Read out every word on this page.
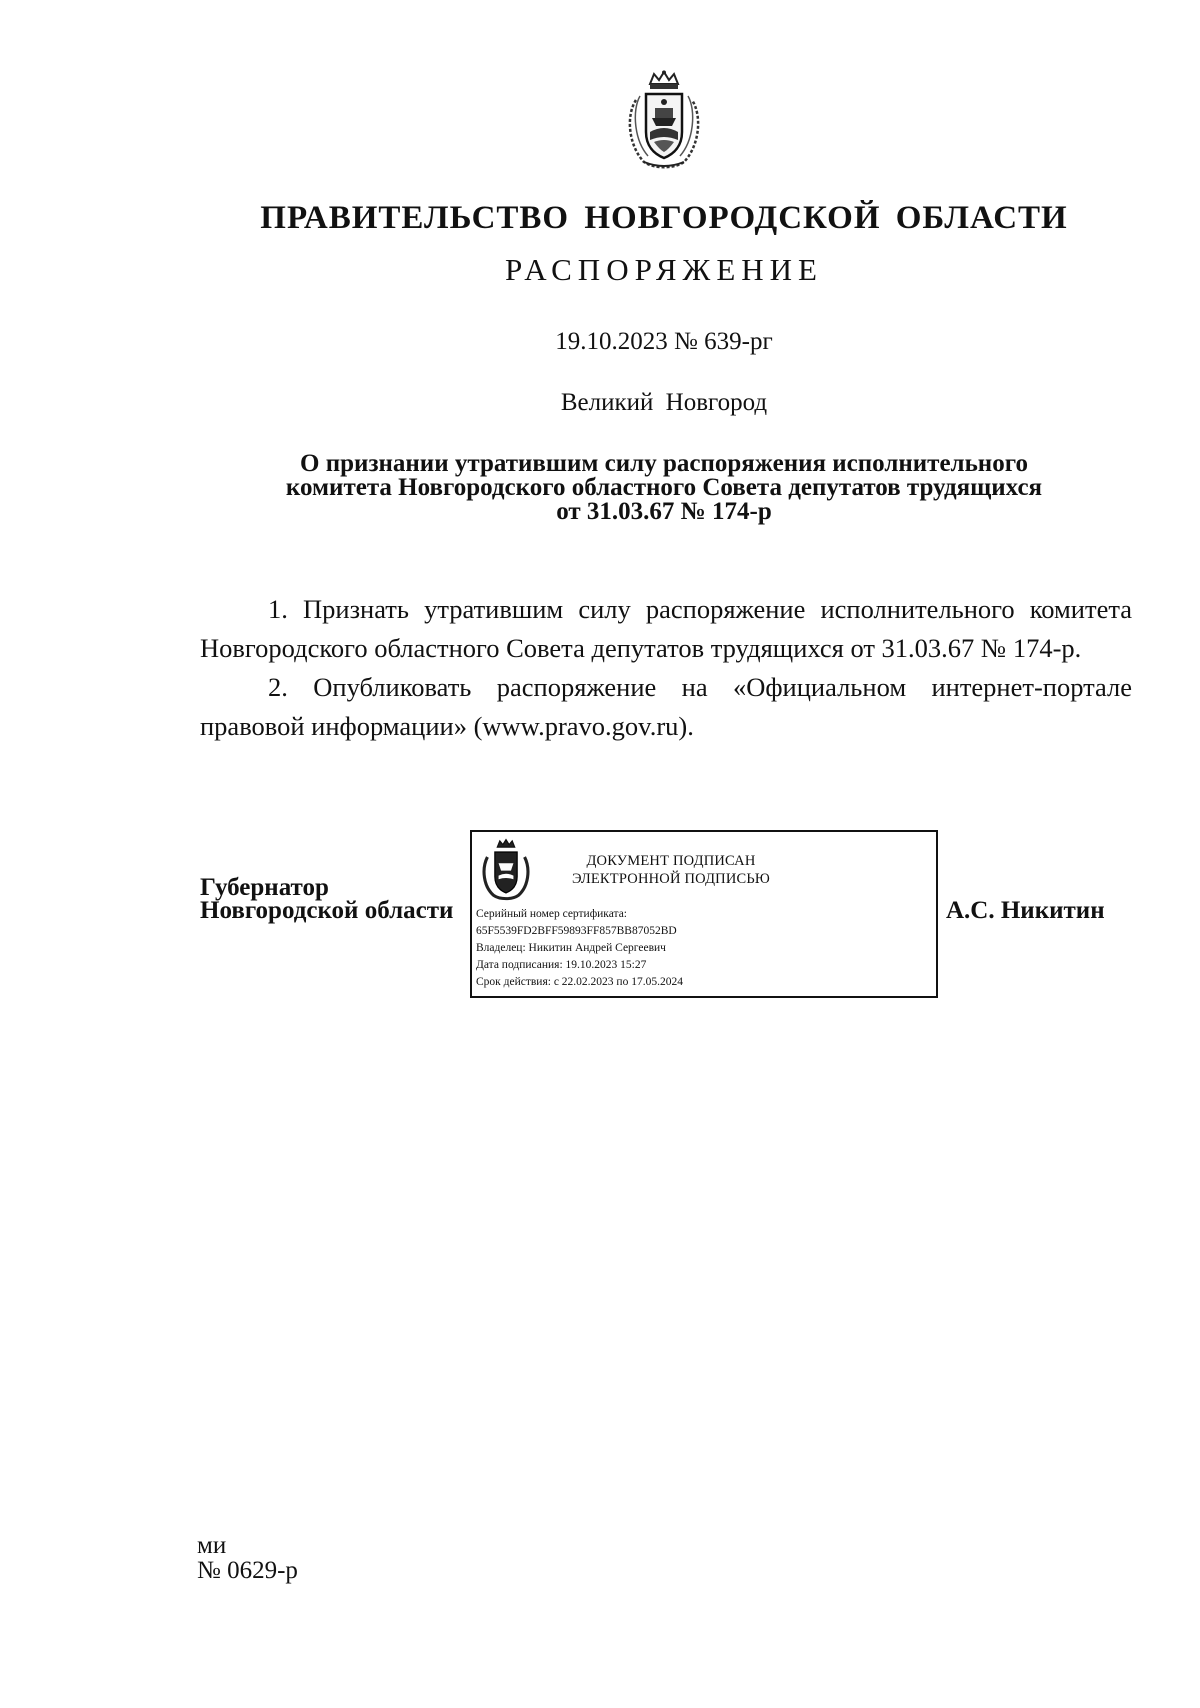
ПРАВИТЕЛЬСТВО НОВГОРОДСКОЙ ОБЛАСТИ
РАСПОРЯЖЕНИЕ
19.10.2023 № 639-рг
Великий Новгород
О признании утратившим силу распоряжения исполнительного
комитета Новгородского областного Совета депутатов трудящихся
от 31.03.67 № 174-р

1. Признать утратившим силу распоряжение исполнительного комитета Новгородского областного Совета депутатов трудящихся от 31.03.67 № 174-р.

2. Опубликовать распоряжение на «Официальном интернет-портале правовой информации» (www.pravo.gov.ru).

Губернатор
Новгородской области
ДОКУМЕНТ ПОДПИСАН
ЭЛЕКТРОННОЙ ПОДПИСЬЮ
Серийный номер сертификата:
65F5539FD2BFF59893FF857BB87052BD
Владелец: Никитин Андрей Сергеевич
Дата подписания: 19.10.2023 15:27
Срок действия: с 22.02.2023 по 17.05.2024
А.С. Никитин
ми
№ 0629-р
